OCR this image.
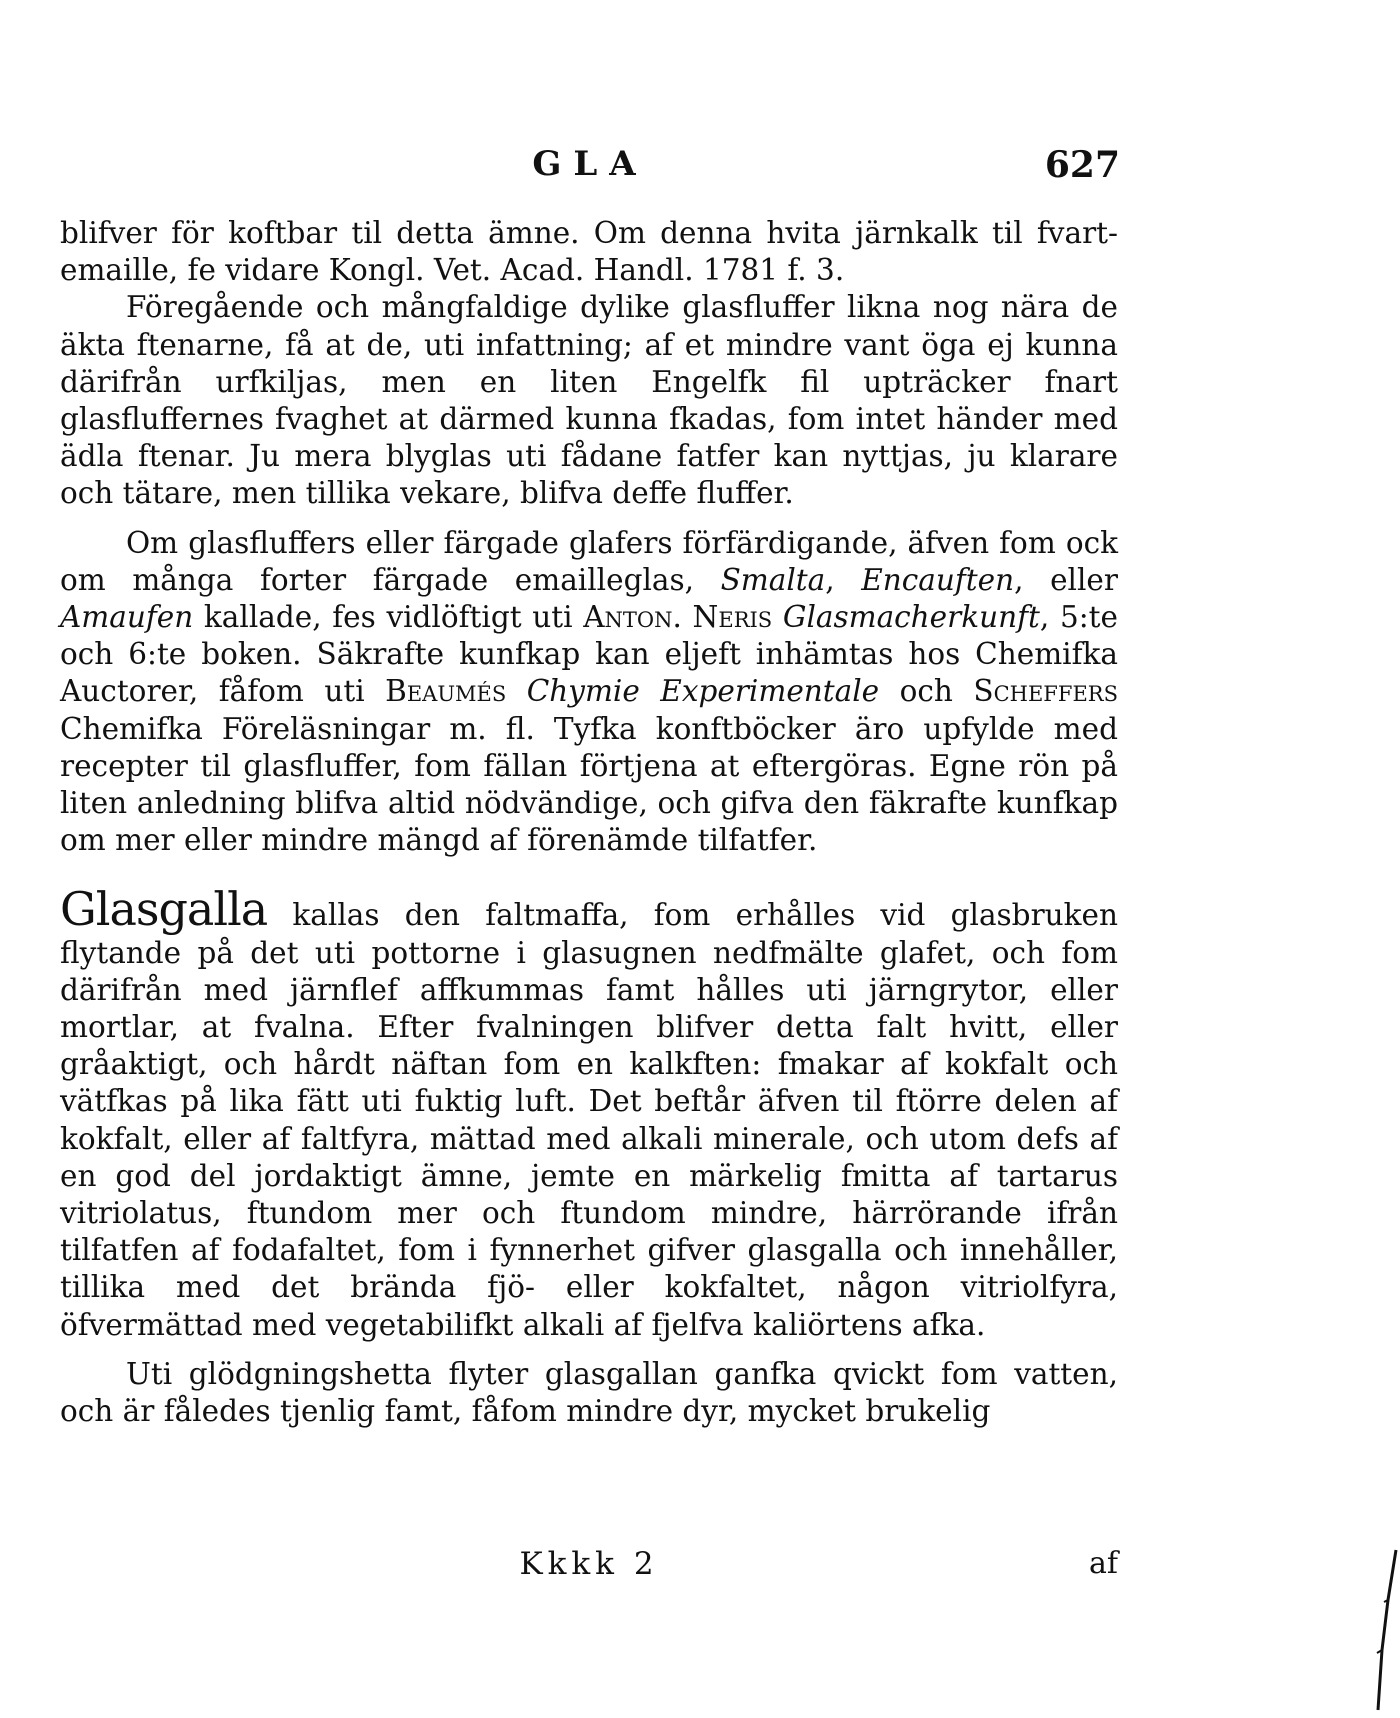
GLA	627

blifver för koftbar til detta ämne. Om denna hvita järnkalk til fvart-emaille, fe vidare Kongl. Vet. Acad. Handl. 1781 f. 3.

Föregående och mångfaldige dylike glasfluffer likna nog nära de äkta ftenarne, få at de, uti infattning; af et mindre vant öga ej kunna därifrån urfkiljas, men en liten Engelfk fil upträcker fnart glasfluffernes fvaghet at därmed kunna fkadas, fom intet händer med ädla ftenar. Ju mera blyglas uti fådane fatfer kan nyttjas, ju klarare och tätare, men tillika vekare, blifva deffe fluffer.

Om glasfluffers eller färgade glafers förfärdigande, äfven fom ock om många forter färgade emailleglas, Smalta, Encauften, eller Amaufen kallade, fes vidlöftigt uti Anton. Neris Glasmacherkunft, 5:te och 6:te boken. Säkrafte kunfkap kan eljeft inhämtas hos Chemifka Auctorer, fåfom uti Beaumés Chymie Experimentale och Scheffers Chemifka Föreläsningar m. fl. Tyfka konftböcker äro upfylde med recepter til glasfluffer, fom fällan förtjena at eftergöras. Egne rön på liten anledning blifva altid nödvändige, och gifva den fäkrafte kunfkap om mer eller mindre mängd af förenämde tilfatfer.

Glasgalla kallas den faltmaffa, fom erhålles vid glasbruken flytande på det uti pottorne i glasugnen nedfmälte glafet, och fom därifrån med järnflef affkummas famt hålles uti järngrytor, eller mortlar, at fvalna. Efter fvalningen blifver detta falt hvitt, eller gråaktigt, och hårdt näftan fom en kalkften: fmakar af kokfalt och vätfkas på lika fätt uti fuktig luft. Det beftår äfven til ftörre delen af kokfalt, eller af faltfyra, mättad med alkali minerale, och utom defs af en god del jordaktigt ämne, jemte en märkelig fmitta af tartarus vitriolatus, ftundom mer och ftundom mindre, härrörande ifrån tilfatfen af fodafaltet, fom i fynnerhet gifver glasgalla och innehåller, tillika med det brända fjö- eller kokfaltet, någon vitriolfyra, öfvermättad med vegetabilifkt alkali af fjelfva kaliörtens afka.

Uti glödgningshetta flyter glasgallan ganfka qvickt fom vatten, och är fåledes tjenlig famt, fåfom mindre dyr, mycket brukelig

Kkkk 2	af
